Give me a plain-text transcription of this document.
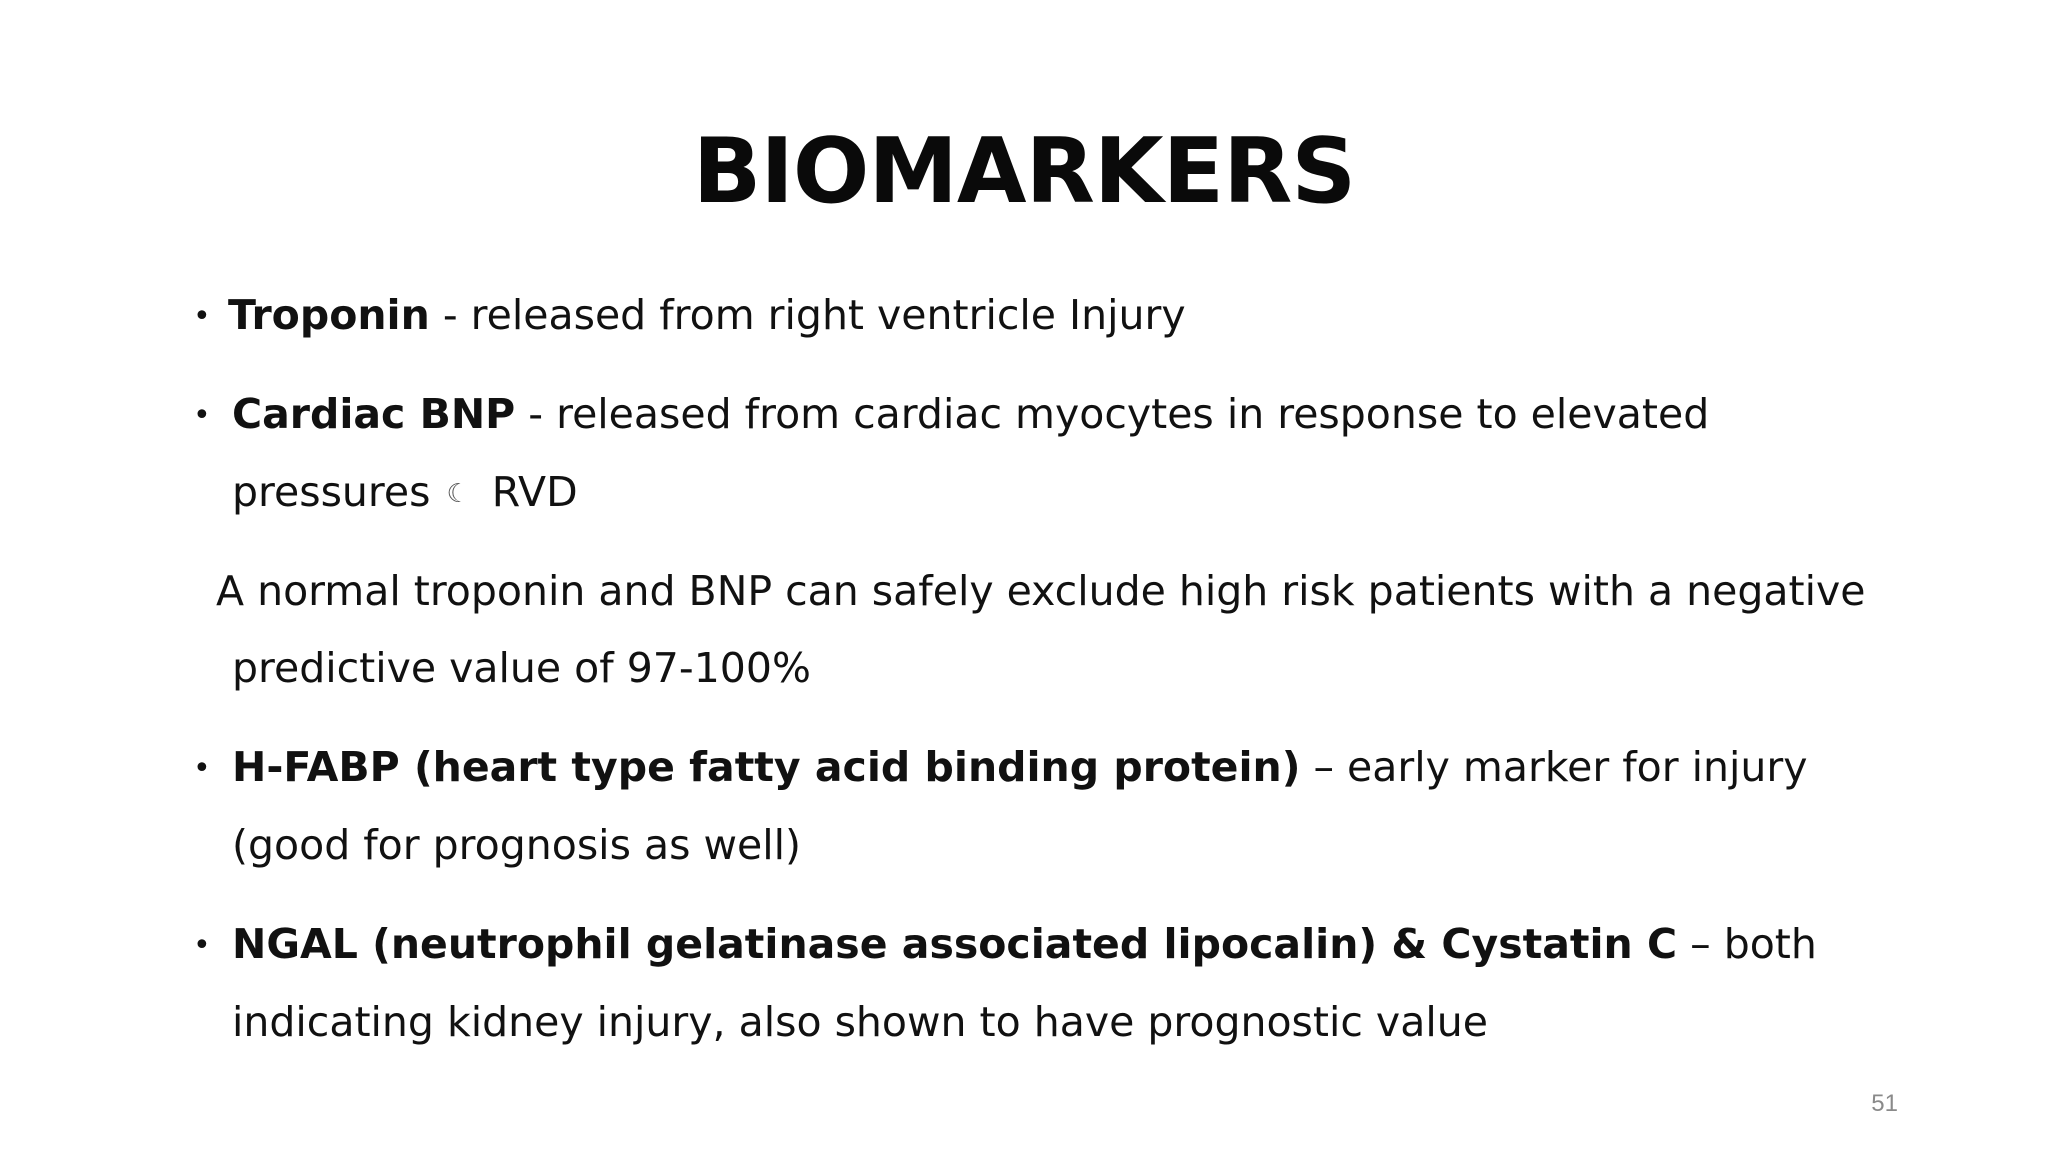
BIOMARKERS
• Troponin - released from right ventricle Injury
• Cardiac BNP - released from cardiac myocytes in response to elevated
pressures ☾ RVD
A normal troponin and BNP can safely exclude high risk patients with a negative
predictive value of 97-100%
• H-FABP (heart type fatty acid binding protein) – early marker for injury
(good for prognosis as well)
• NGAL (neutrophil gelatinase associated lipocalin) & Cystatin C – both
indicating kidney injury, also shown to have prognostic value
51
